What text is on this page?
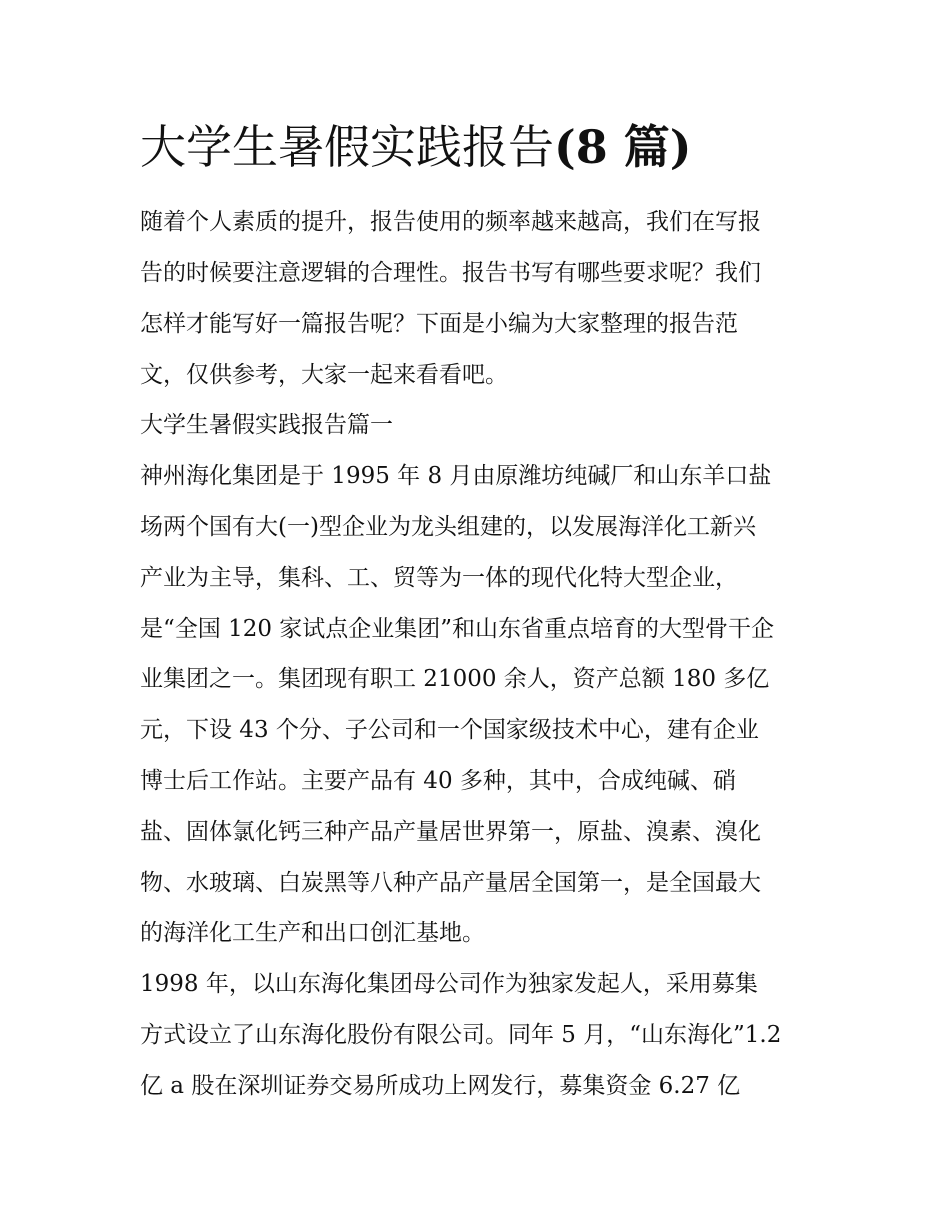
大学生暑假实践报告(8 篇)

随着个人素质的提升，报告使用的频率越来越高，我们在写报

告的时候要注意逻辑的合理性。报告书写有哪些要求呢？我们

怎样才能写好一篇报告呢？下面是小编为大家整理的报告范

文，仅供参考，大家一起来看看吧。

大学生暑假实践报告篇一

神州海化集团是于 1995 年 8 月由原潍坊纯碱厂和山东羊口盐

场两个国有大(一)型企业为龙头组建的，以发展海洋化工新兴

产业为主导，集科、工、贸等为一体的现代化特大型企业，

是“全国 120 家试点企业集团”和山东省重点培育的大型骨干企

业集团之一。集团现有职工 21000 余人，资产总额 180 多亿

元，下设 43 个分、子公司和一个国家级技术中心，建有企业

博士后工作站。主要产品有 40 多种，其中，合成纯碱、硝

盐、固体氯化钙三种产品产量居世界第一，原盐、溴素、溴化

物、水玻璃、白炭黑等八种产品产量居全国第一，是全国最大

的海洋化工生产和出口创汇基地。

1998 年，以山东海化集团母公司作为独家发起人，采用募集

方式设立了山东海化股份有限公司。同年 5 月，“山东海化”1.2

亿 a 股在深圳证券交易所成功上网发行，募集资金 6.27 亿
